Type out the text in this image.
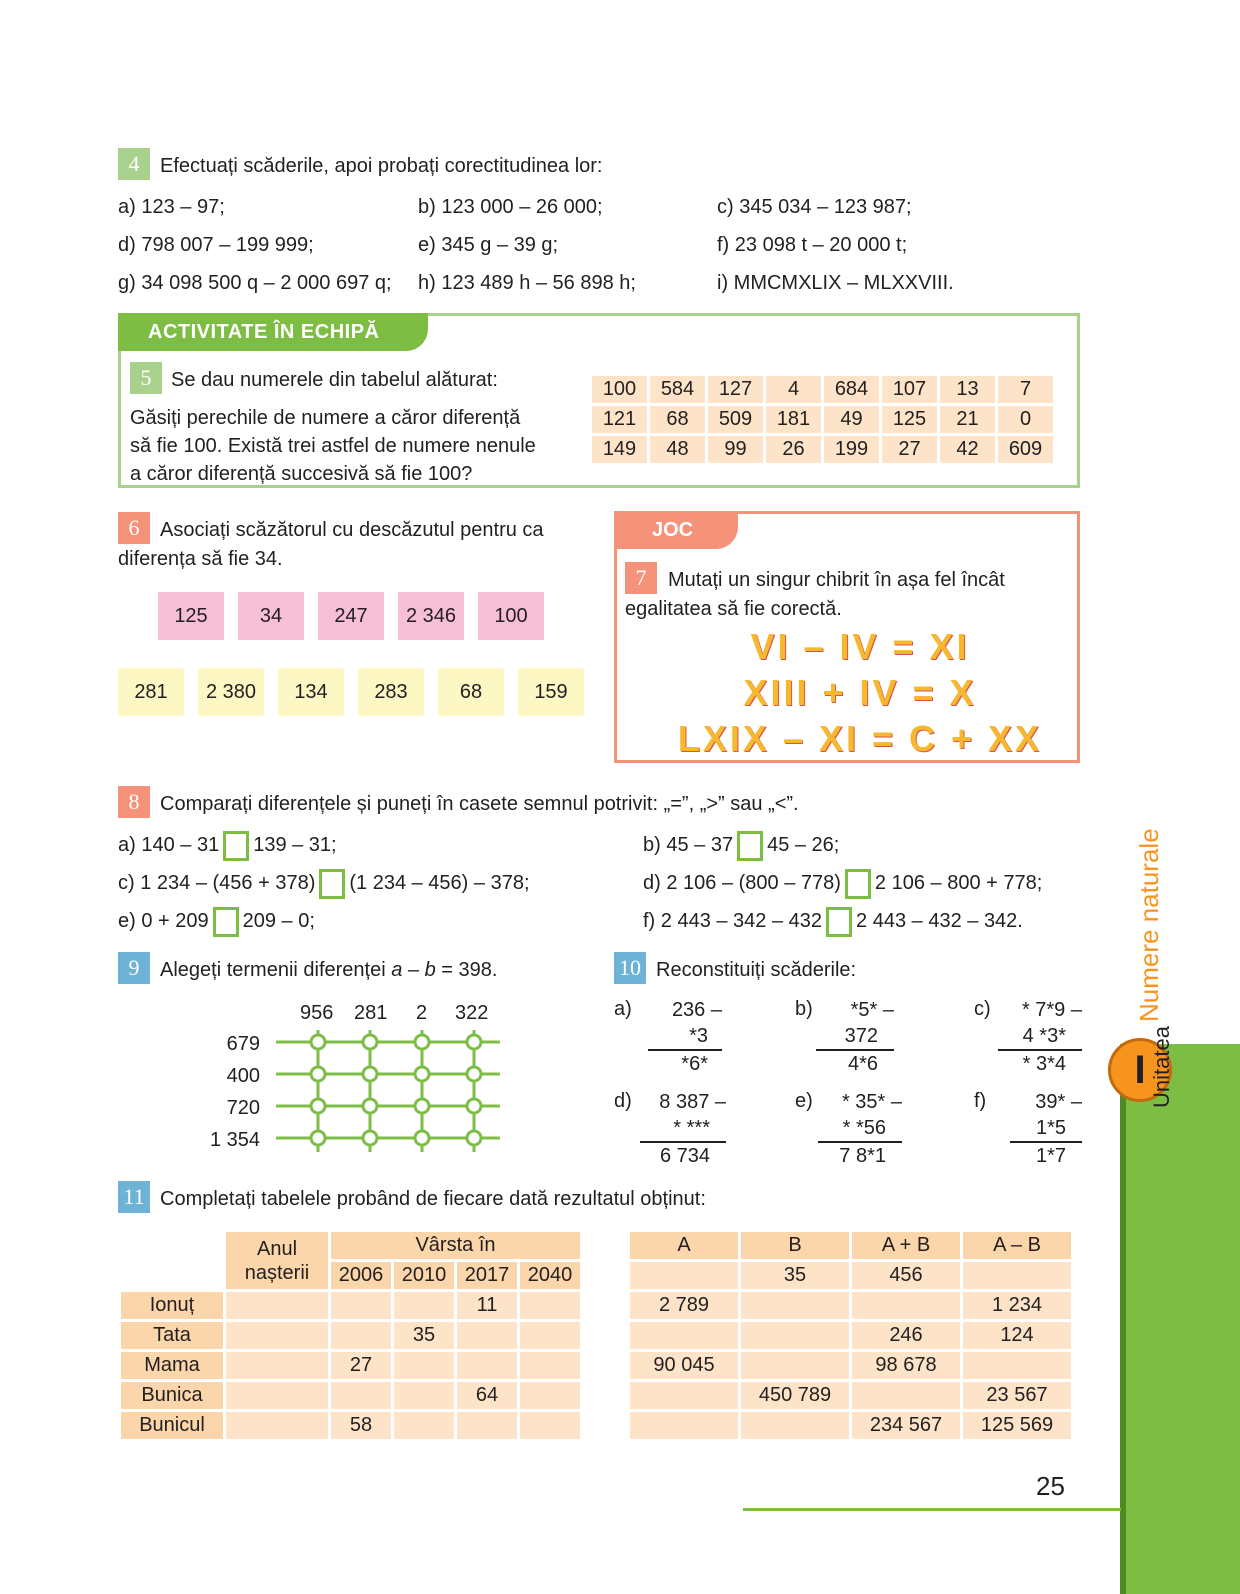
4	Efectuați scăderile, apoi probați corectitudinea lor:
a) 123 – 97;	b) 123 000 – 26 000;	c) 345 034 – 123 987;
d) 798 007 – 199 999;	e) 345 g – 39 g;	f) 23 098 t – 20 000 t;
g) 34 098 500 q – 2 000 697 q; h) 123 489 h – 56 898 h;	i) MMCMXLIX – MLXXVIII.
ACTIVITATE ÎN ECHIPĂ
5 Se dau numerele din tabelul alăturat:
Găsiți perechile de numere a căror diferență
să fie 100. Există trei astfel de numere nenule
a căror diferență succesivă să fie 100?
100	584	127	4	684	107	13	7
121	68	509	181	49	125	21	0
149	48	99	26	199	27	42	609
6	Asociați scăzătorul cu descăzutul pentru ca
diferența să fie 34.
125	34	247	2 346	100
281	2 380	134	283	68	159
JOC
7	Mutați un singur chibrit în așa fel încât
egalitatea să fie corectă.
VI – IV = XI
XIII + IV = X
LXIX – XI = C + XX
8	Comparați diferențele și puneți în casete semnul potrivit: „=”, „>” sau „<”.
a) 140 – 31 139 – 31;	b) 45 – 37 45 – 26;
c) 1 234 – (456 + 378) (1 234 – 456) – 378;	d) 2 106 – (800 – 778) 2 106 – 800 + 778;
e) 0 + 209 209 – 0;	f) 2 443 – 342 – 432 2 443 – 432 – 342.
9	Alegeți termenii diferenței a – b = 398.
956 281 2 322
679
400
720
1 354
10 Reconstituiți scăderile:
a)	236 –
*3
*6*
b)	*5* –
372
4*6
c)	* 7*9 –
4 *3*
* 3*4
d)	8 387 –
* ***
6 734
e)	* 35* –
* *56
7 8*1
f)	39* –
1*5
1*7
11 Completați tabelele probând de fiecare dată rezultatul obținut:
	Anul nașterii	Vârsta în			
		2006	2010	2017	2040
Ionuț				11	
Tata			35		
Mama		27			
Bunica				64	
Bunicul		58			
A	B	A + B	A – B
	35	456	
2 789			1 234
		246	124
90 045		98 678	
	450 789		23 567
		234 567	125 569
I Unitatea
Numere naturale
25
